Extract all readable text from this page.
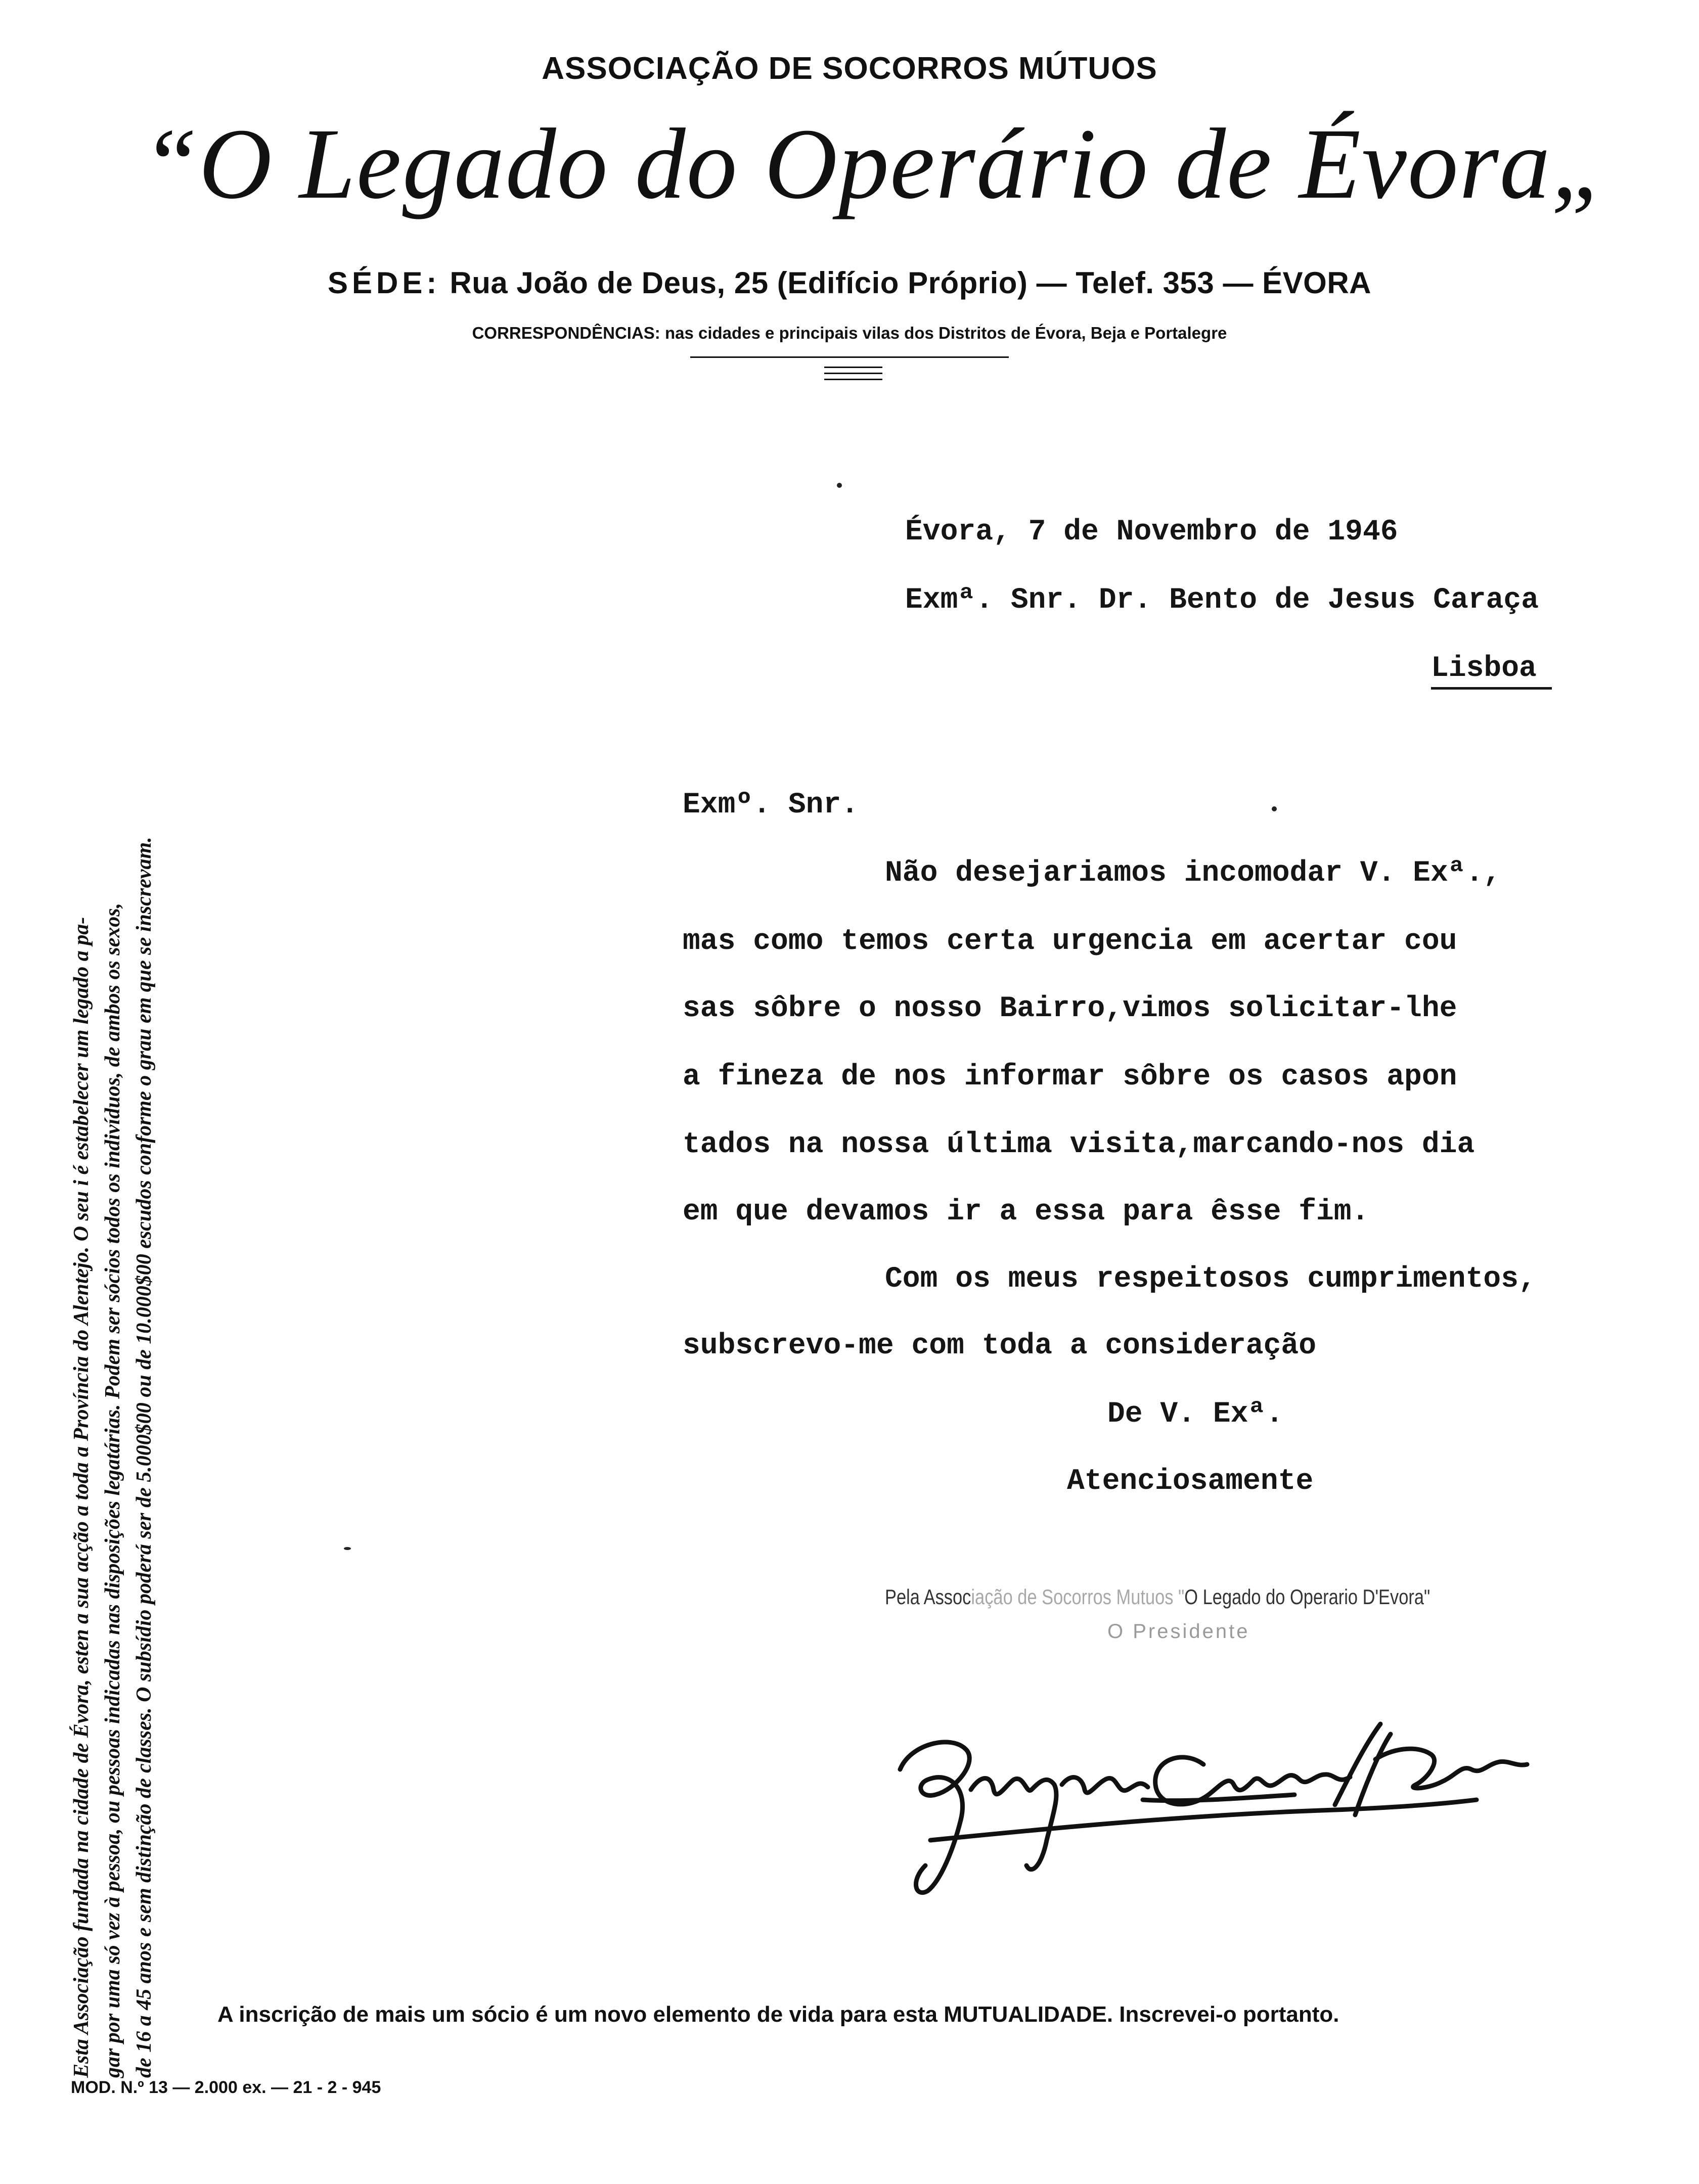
ASSOCIAÇÃO DE SOCORROS MÚTUOS
“O Legado do Operário de Évora„
SÉDE: Rua João de Deus, 25 (Edifício Próprio) — Telef. 353 — ÉVORA
CORRESPONDÊNCIAS: nas cidades e principais vilas dos Distritos de Évora, Beja e Portalegre
Esta Associação fundada na cidade de Évora, esten a sua acção a toda a Província do Alentejo. O seu i é estabelecer um legado a pa- gar por uma só vez à pessoa, ou pessoas indicadas nas disposições legatárias. Podem ser sócios todos os indivíduos, de ambos os sexos, de 16 a 45 anos e sem distinção de classes. O subsídio poderá ser de 5.000$00 ou de 10.000$00 escudos conforme o grau em que se inscrevam.
Évora, 7 de Novembro de 1946
Exmª. Snr. Dr. Bento de Jesus Caraça
Lisboa
Exmº. Snr.
Não desejariamos incomodar V. Exª.,
mas como temos certa urgencia em acertar cou
sas sôbre o nosso Bairro,vimos solicitar-lhe
a fineza de nos informar sôbre os casos apon
tados na nossa última visita,marcando-nos dia
em que devamos ir a essa para êsse fim.
Com os meus respeitosos cumprimentos,
subscrevo-me com toda a consideração
De V. Exª.
Atenciosamente
Pela Associação de Socorros Mutuos "O Legado do Operario D'Evora"
O Presidente
A inscrição de mais um sócio é um novo elemento de vida para esta MUTUALIDADE. Inscrevei-o portanto.
MOD. N.º 13 — 2.000 ex. — 21 - 2 - 945
